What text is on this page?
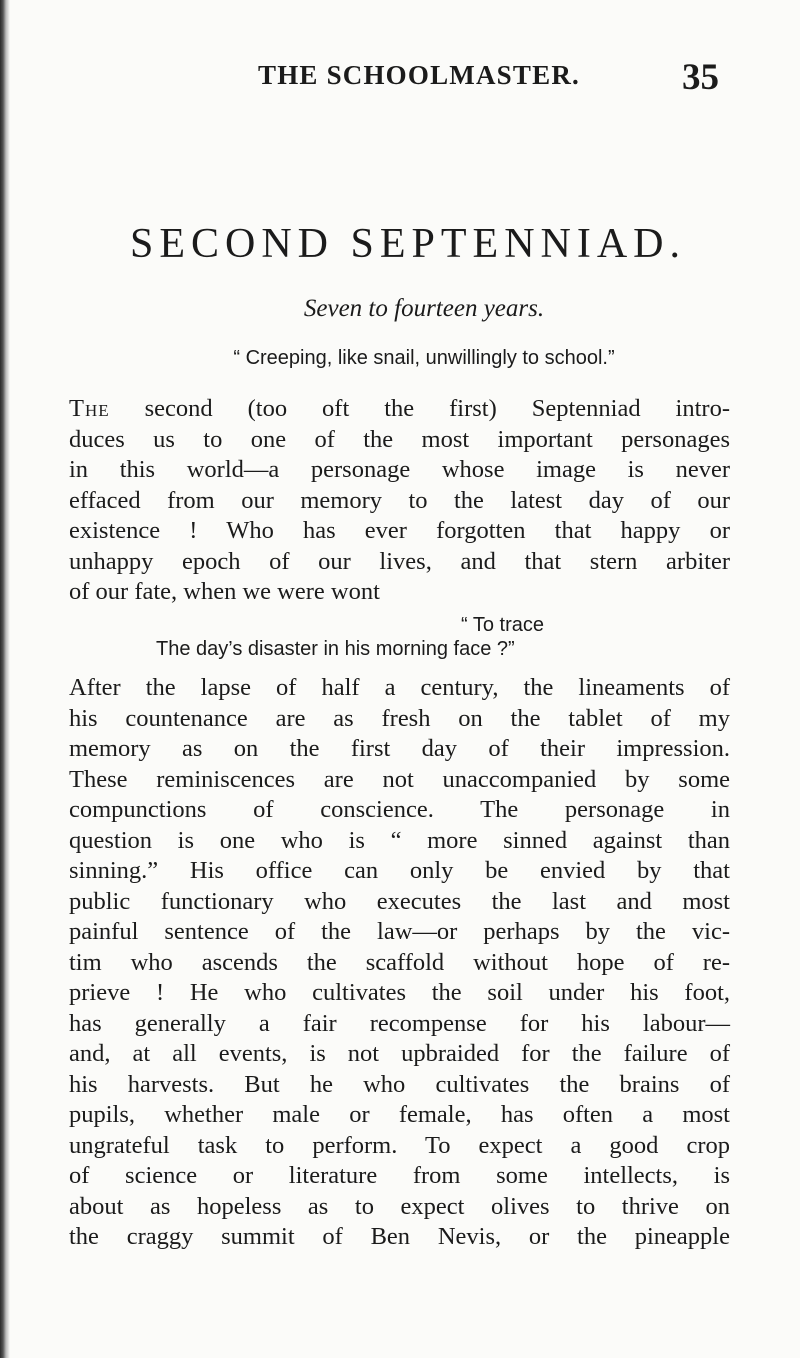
THE SCHOOLMASTER.	35
SECOND SEPTENNIAD.
Seven to fourteen years.
“ Creeping, like snail, unwillingly to school.”
The second (too oft the first) Septenniad intro-
duces us to one of the most important personages
in this world—a personage whose image is never
effaced from our memory to the latest day of our
existence ! Who has ever forgotten that happy or
unhappy epoch of our lives, and that stern arbiter
of our fate, when we were wont
“ To trace
The day’s disaster in his morning face ?”
After the lapse of half a century, the lineaments of
his countenance are as fresh on the tablet of my
memory as on the first day of their impression.
These reminiscences are not unaccompanied by some
compunctions of conscience. The personage in
question is one who is “ more sinned against than
sinning.” His office can only be envied by that
public functionary who executes the last and most
painful sentence of the law—or perhaps by the vic-
tim who ascends the scaffold without hope of re-
prieve ! He who cultivates the soil under his foot,
has generally a fair recompense for his labour—
and, at all events, is not upbraided for the failure of
his harvests. But he who cultivates the brains of
pupils, whether male or female, has often a most
ungrateful task to perform. To expect a good crop
of science or literature from some intellects, is
about as hopeless as to expect olives to thrive on
the craggy summit of Ben Nevis, or the pineapple
